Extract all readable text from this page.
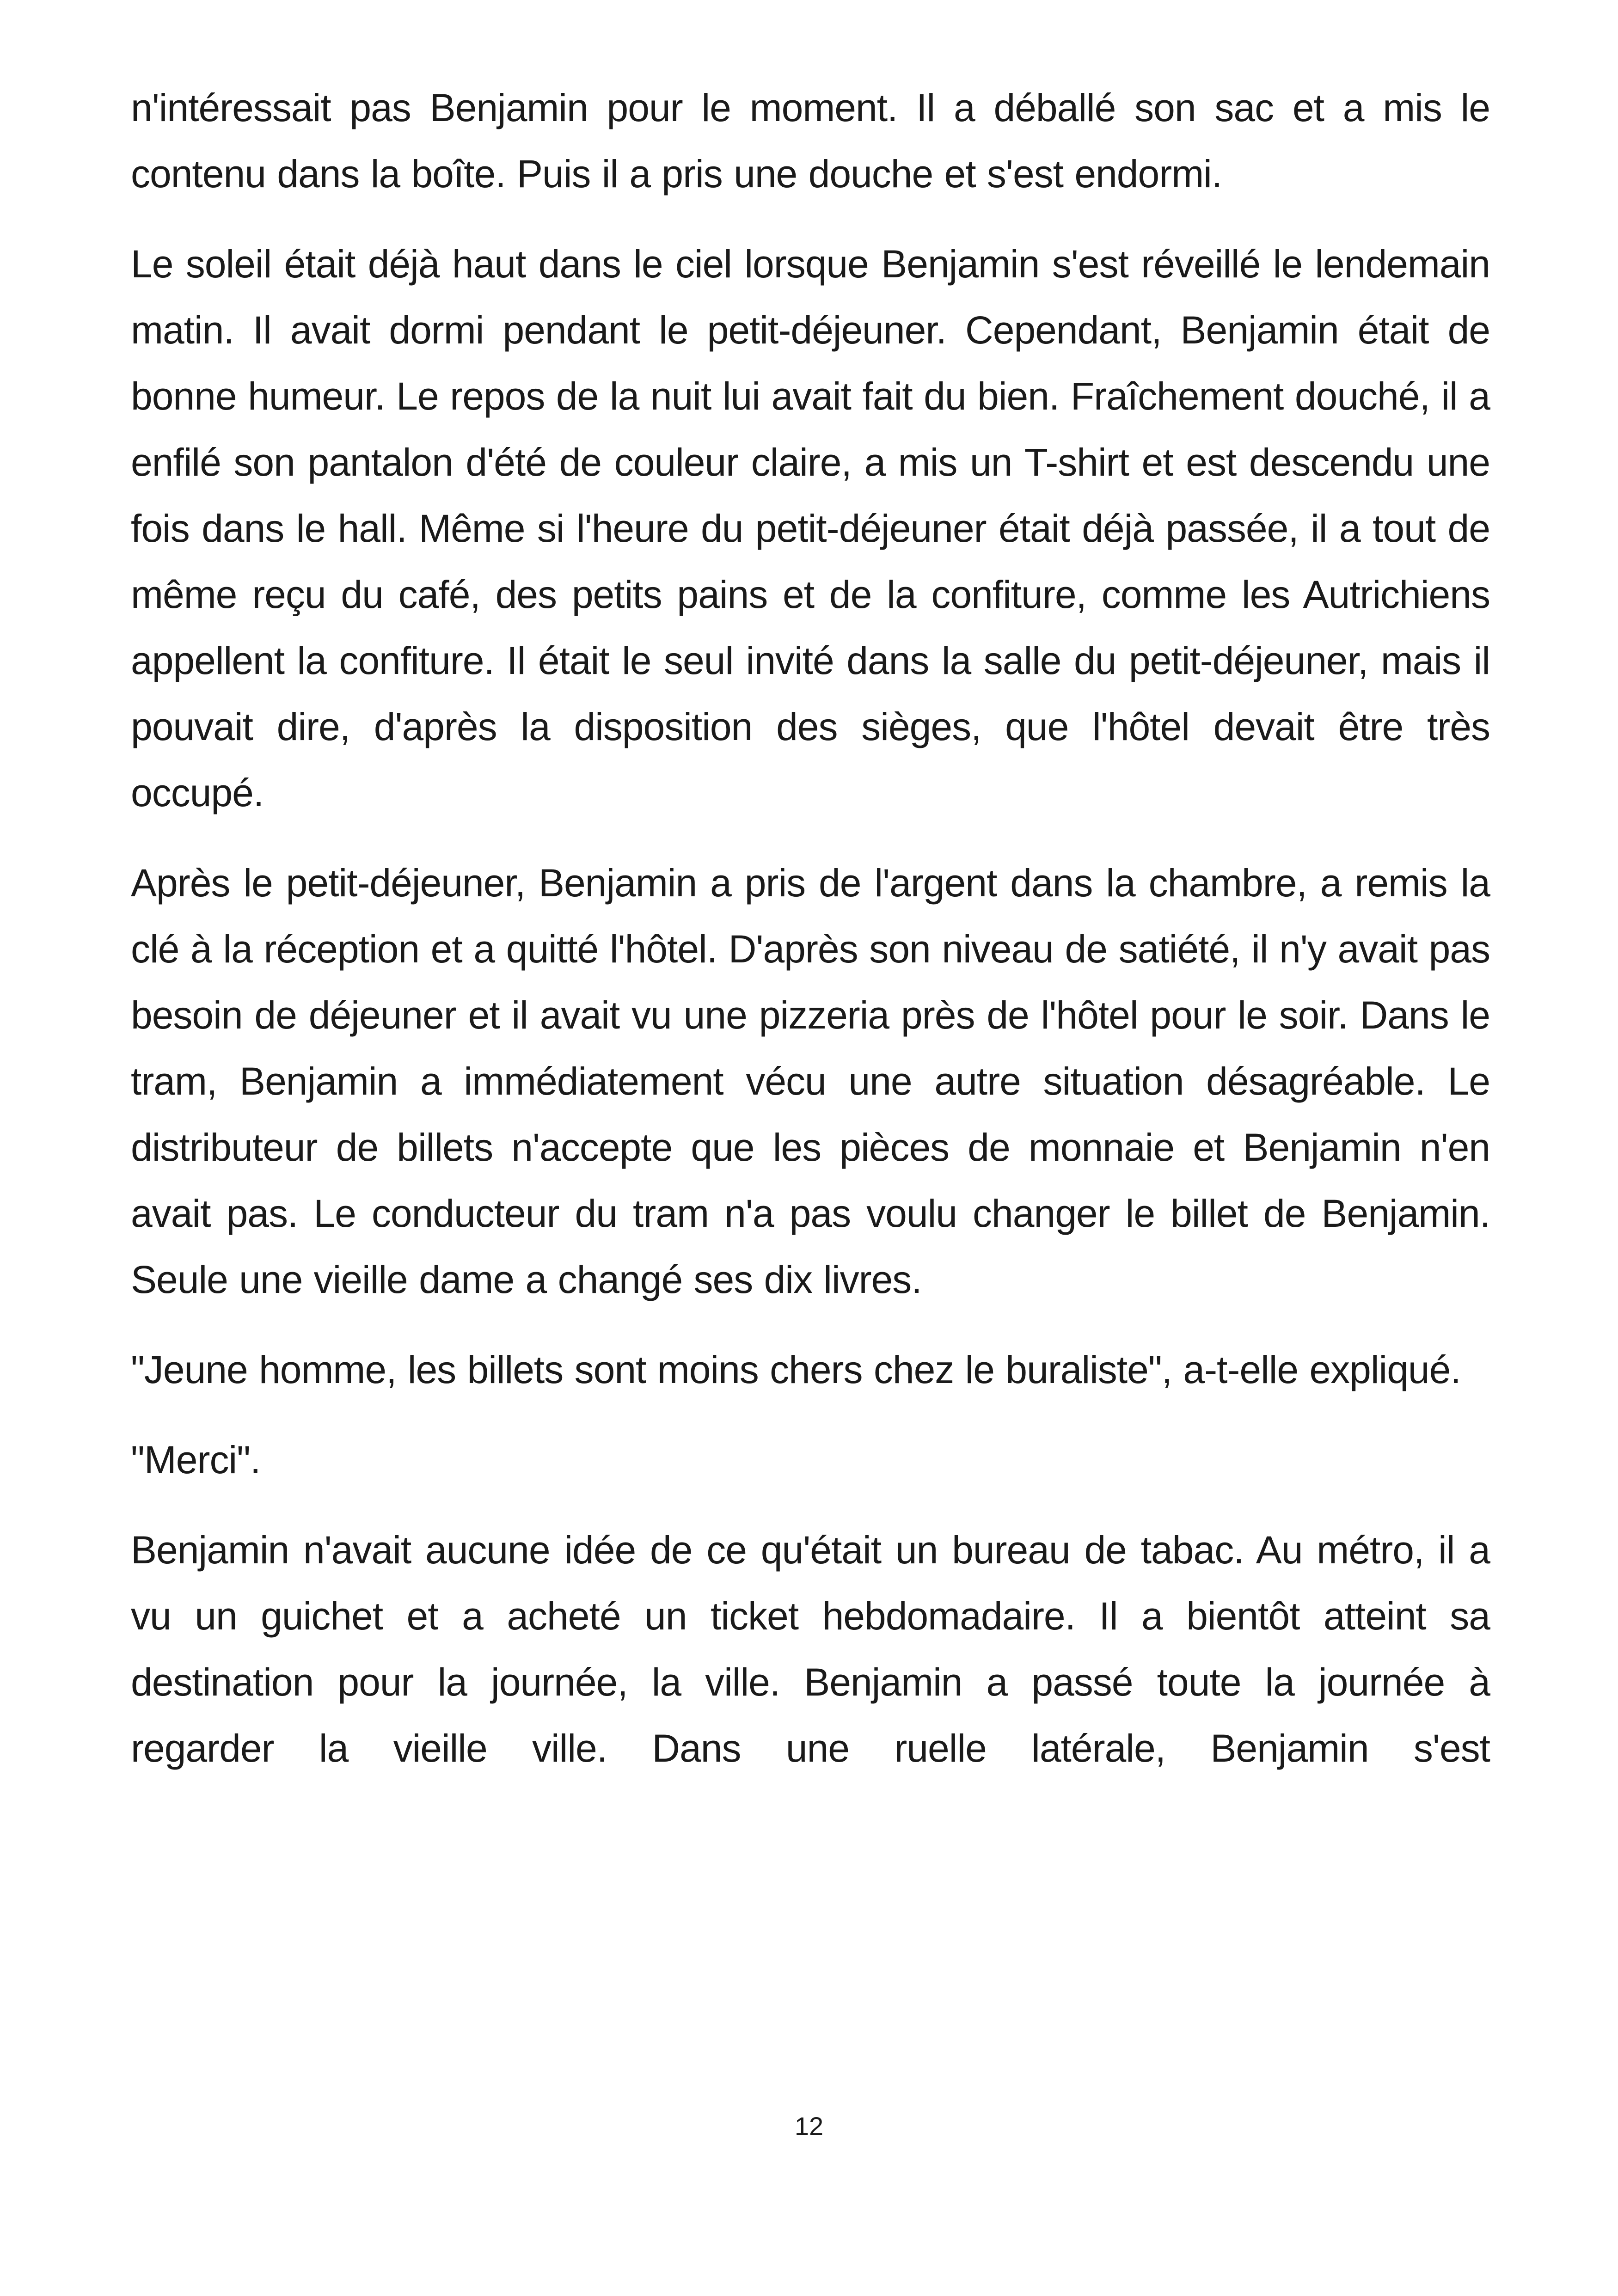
n'intéressait pas Benjamin pour le moment. Il a déballé son sac et a mis le contenu dans la boîte. Puis il a pris une douche et s'est endormi.

Le soleil était déjà haut dans le ciel lorsque Benjamin s'est réveillé le lendemain matin. Il avait dormi pendant le petit-déjeuner. Cependant, Benjamin était de bonne humeur. Le repos de la nuit lui avait fait du bien. Fraîchement douché, il a enfilé son pantalon d'été de couleur claire, a mis un T-shirt et est descendu une fois dans le hall. Même si l'heure du petit-déjeuner était déjà passée, il a tout de même reçu du café, des petits pains et de la confiture, comme les Autrichiens appellent la confiture. Il était le seul invité dans la salle du petit-déjeuner, mais il pouvait dire, d'après la disposition des sièges, que l'hôtel devait être très occupé.

Après le petit-déjeuner, Benjamin a pris de l'argent dans la chambre, a remis la clé à la réception et a quitté l'hôtel. D'après son niveau de satiété, il n'y avait pas besoin de déjeuner et il avait vu une pizzeria près de l'hôtel pour le soir. Dans le tram, Benjamin a immédiatement vécu une autre situation désagréable. Le distributeur de billets n'accepte que les pièces de monnaie et Benjamin n'en avait pas. Le conducteur du tram n'a pas voulu changer le billet de Benjamin. Seule une vieille dame a changé ses dix livres.

"Jeune homme, les billets sont moins chers chez le buraliste", a-t-elle expliqué.

"Merci".

Benjamin n'avait aucune idée de ce qu'était un bureau de tabac. Au métro, il a vu un guichet et a acheté un ticket hebdomadaire. Il a bientôt atteint sa destination pour la journée, la ville. Benjamin a passé toute la journée à regarder la vieille ville. Dans une ruelle latérale, Benjamin s'est

12
